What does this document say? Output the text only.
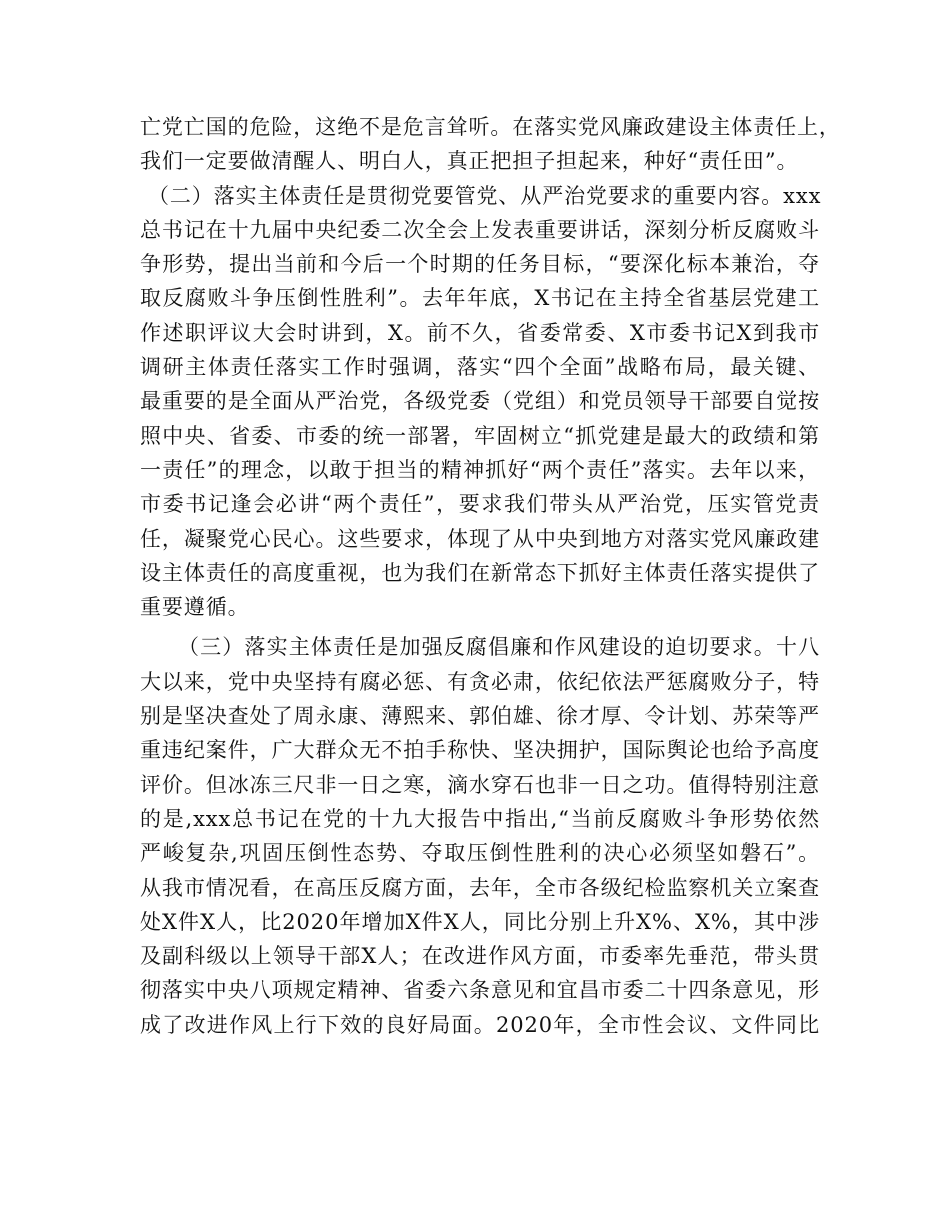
亡党亡国的危险，这绝不是危言耸听。在落实党风廉政建设主体责任上，
我们一定要做清醒人、明白人，真正把担子担起来，种好“责任田”。
（二）落实主体责任是贯彻党要管党、从严治党要求的重要内容。xxx
总书记在十九届中央纪委二次全会上发表重要讲话，深刻分析反腐败斗
争形势，提出当前和今后一个时期的任务目标，“要深化标本兼治，夺
取反腐败斗争压倒性胜利”。去年年底，X书记在主持全省基层党建工
作述职评议大会时讲到，X。前不久，省委常委、X市委书记X到我市
调研主体责任落实工作时强调，落实“四个全面”战略布局，最关键、
最重要的是全面从严治党，各级党委（党组）和党员领导干部要自觉按
照中央、省委、市委的统一部署，牢固树立“抓党建是最大的政绩和第
一责任”的理念，以敢于担当的精神抓好“两个责任”落实。去年以来，
市委书记逢会必讲“两个责任”，要求我们带头从严治党，压实管党责
任，凝聚党心民心。这些要求，体现了从中央到地方对落实党风廉政建
设主体责任的高度重视，也为我们在新常态下抓好主体责任落实提供了
重要遵循。
（三）落实主体责任是加强反腐倡廉和作风建设的迫切要求。十八
大以来，党中央坚持有腐必惩、有贪必肃，依纪依法严惩腐败分子，特
别是坚决查处了周永康、薄熙来、郭伯雄、徐才厚、令计划、苏荣等严
重违纪案件，广大群众无不拍手称快、坚决拥护，国际舆论也给予高度
评价。但冰冻三尺非一日之寒，滴水穿石也非一日之功。值得特别注意
的是,xxx总书记在党的十九大报告中指出,“当前反腐败斗争形势依然
严峻复杂,巩固压倒性态势、夺取压倒性胜利的决心必须坚如磐石”。
从我市情况看，在高压反腐方面，去年，全市各级纪检监察机关立案查
处X件X人，比2020年增加X件X人，同比分别上升X%、X%，其中涉
及副科级以上领导干部X人；在改进作风方面，市委率先垂范，带头贯
彻落实中央八项规定精神、省委六条意见和宜昌市委二十四条意见，形
成了改进作风上行下效的良好局面。2020年，全市性会议、文件同比
